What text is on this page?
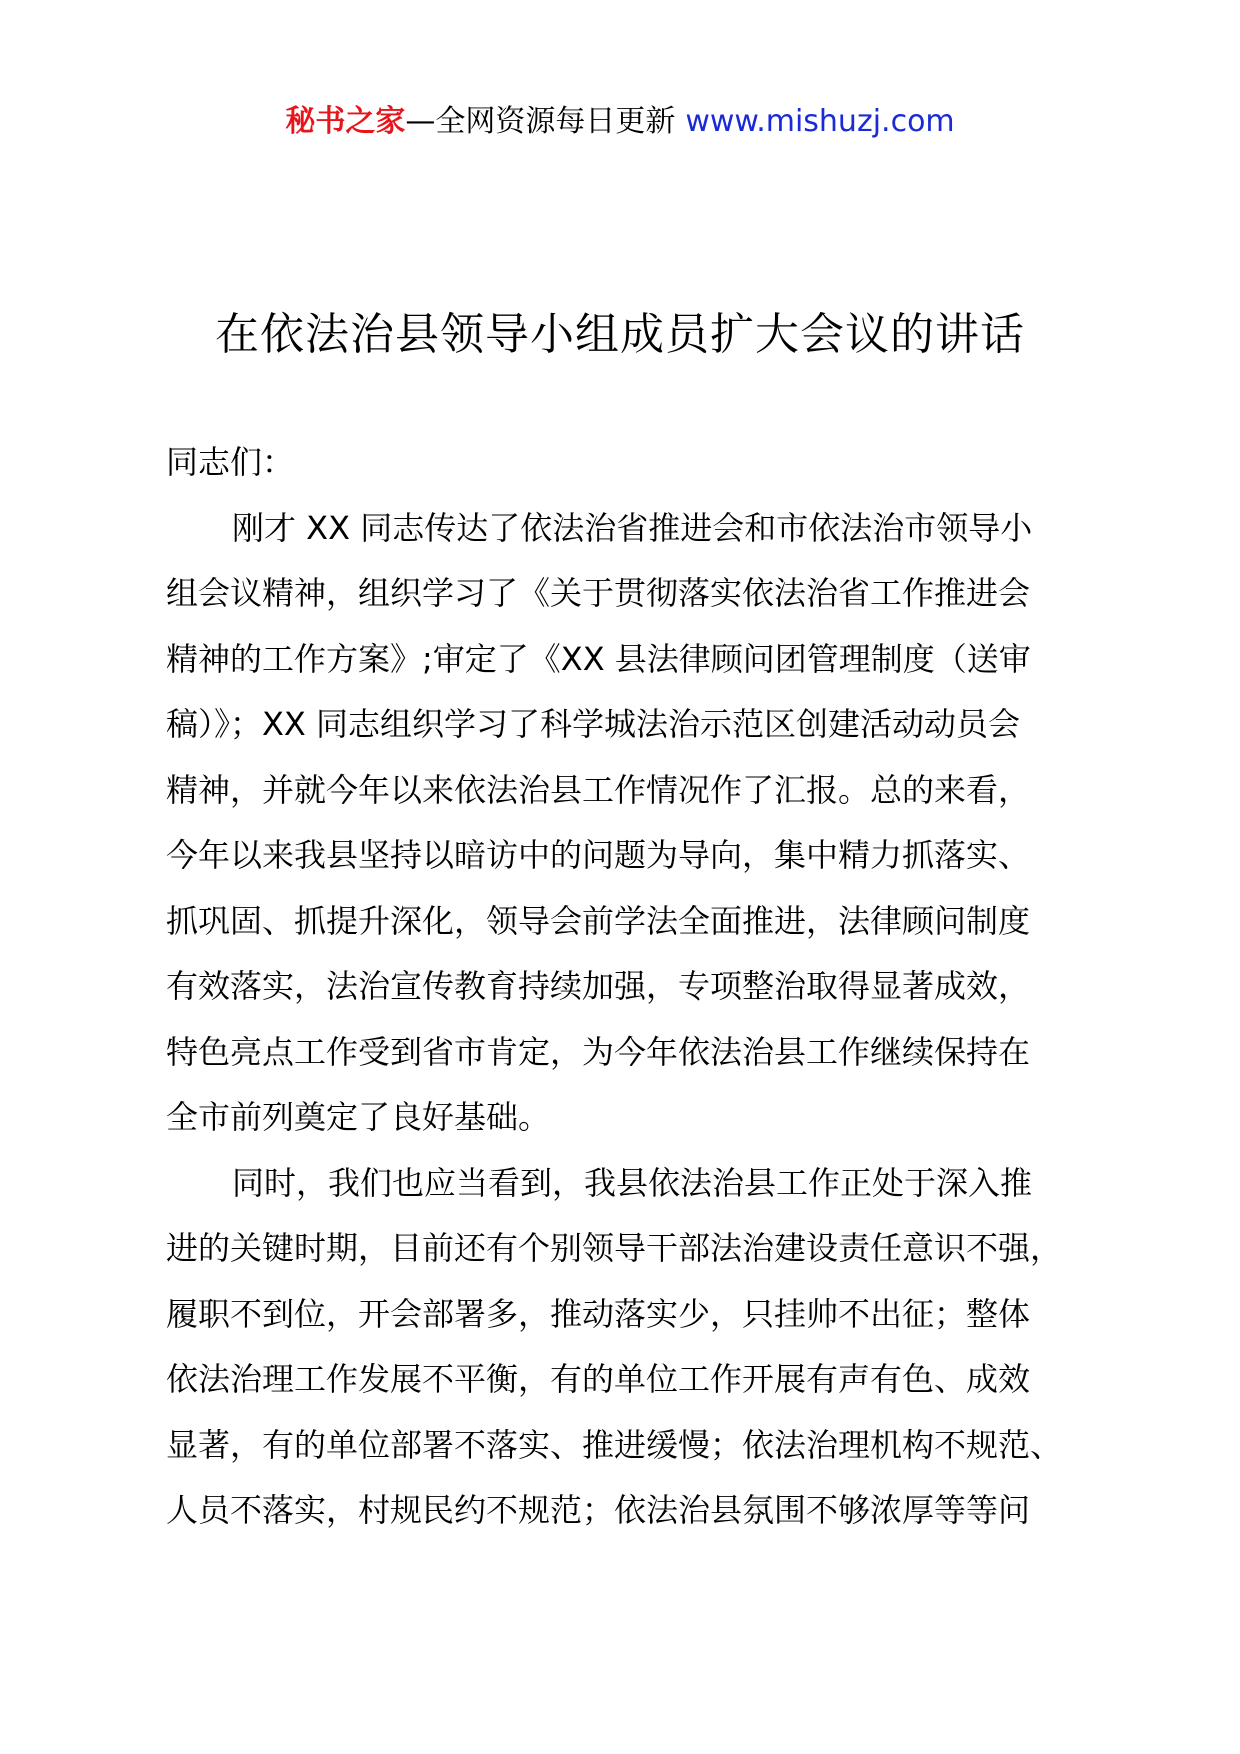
秘书之家—全网资源每日更新 www.mishuzj.com
在依法治县领导小组成员扩大会议的讲话

同志们：

刚才 XX 同志传达了依法治省推进会和市依法治市领导小
组会议精神，组织学习了《关于贯彻落实依法治省工作推进会
精神的工作方案》;审定了《XX 县法律顾问团管理制度（送审
稿）》；XX 同志组织学习了科学城法治示范区创建活动动员会
精神，并就今年以来依法治县工作情况作了汇报。总的来看，
今年以来我县坚持以暗访中的问题为导向，集中精力抓落实、
抓巩固、抓提升深化，领导会前学法全面推进，法律顾问制度
有效落实，法治宣传教育持续加强，专项整治取得显著成效，
特色亮点工作受到省市肯定，为今年依法治县工作继续保持在
全市前列奠定了良好基础。

同时，我们也应当看到，我县依法治县工作正处于深入推
进的关键时期，目前还有个别领导干部法治建设责任意识不强，
履职不到位，开会部署多，推动落实少，只挂帅不出征；整体
依法治理工作发展不平衡，有的单位工作开展有声有色、成效
显著，有的单位部署不落实、推进缓慢；依法治理机构不规范、
人员不落实，村规民约不规范；依法治县氛围不够浓厚等等问
